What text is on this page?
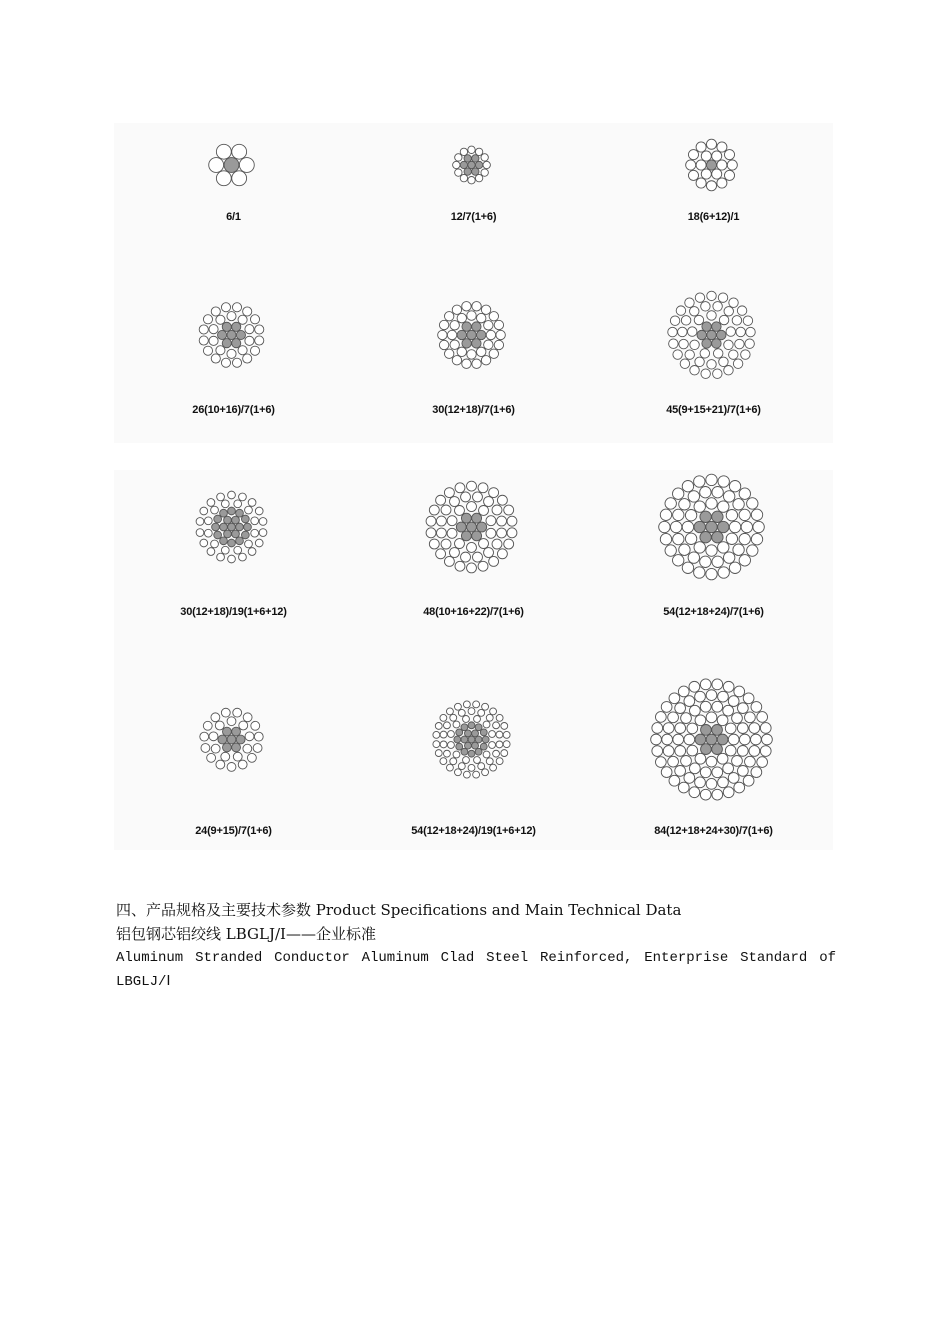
6/1	12/7(1+6)	18(6+12)/1
26(10+16)/7(1+6)	30(12+18)/7(1+6)	45(9+15+21)/7(1+6)
30(12+18)/19(1+6+12)	48(10+16+22)/7(1+6)	54(12+18+24)/7(1+6)
24(9+15)/7(1+6)	54(12+18+24)/19(1+6+12)	84(12+18+24+30)/7(1+6)
四、产品规格及主要技术参数 Product Specifications and Main Technical Data
铝包钢芯铝绞线 LBGLJ/Ⅰ——企业标准
Aluminum Stranded Conductor Aluminum Clad Steel Reinforced, Enterprise Standard of LBGLJ/Ⅰ
